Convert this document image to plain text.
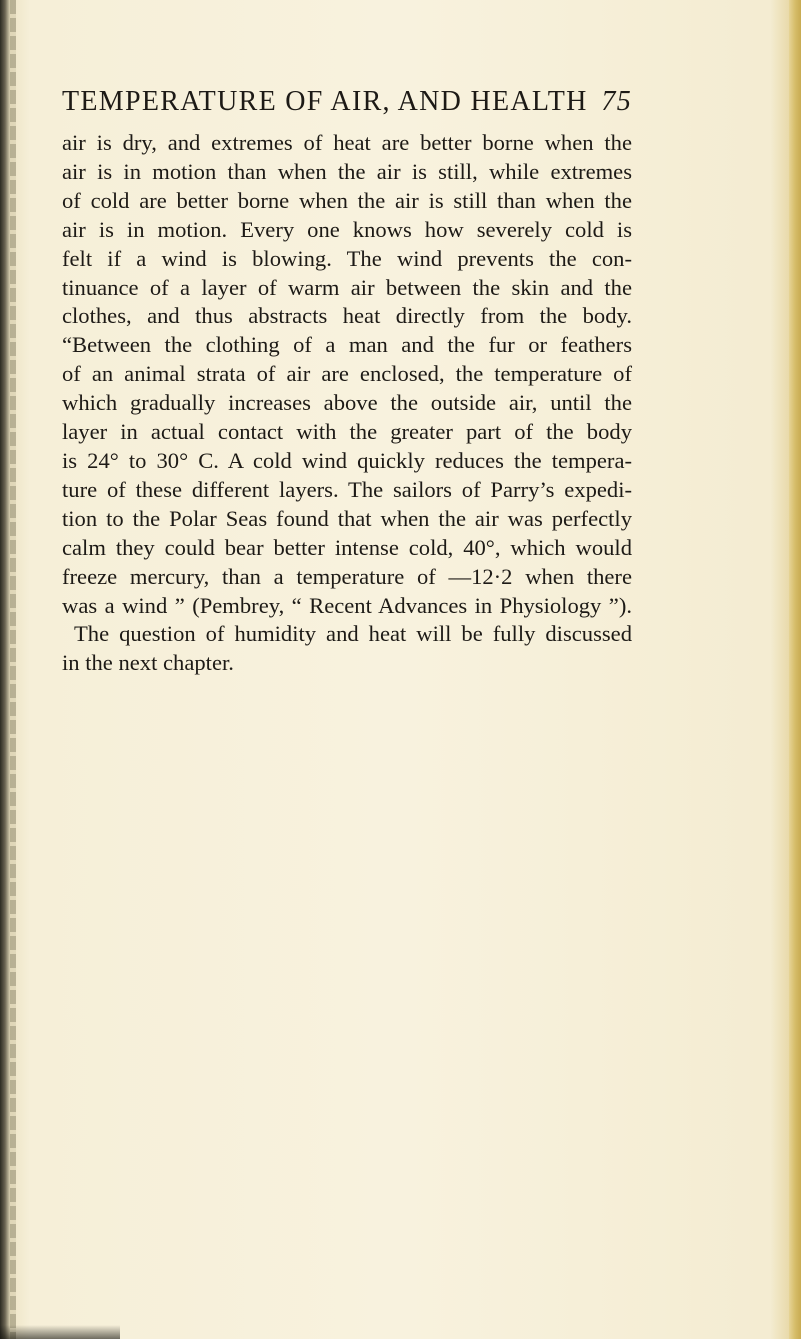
TEMPERATURE OF AIR, AND HEALTH 75
air is dry, and extremes of heat are better borne when the
air is in motion than when the air is still, while extremes
of cold are better borne when the air is still than when the
air is in motion. Every one knows how severely cold is
felt if a wind is blowing. The wind prevents the con-
tinuance of a layer of warm air between the skin and the
clothes, and thus abstracts heat directly from the body.
“Between the clothing of a man and the fur or feathers
of an animal strata of air are enclosed, the temperature of
which gradually increases above the outside air, until the
layer in actual contact with the greater part of the body
is 24° to 30° C. A cold wind quickly reduces the tempera-
ture of these different layers. The sailors of Parry’s expedi-
tion to the Polar Seas found that when the air was perfectly
calm they could bear better intense cold, 40°, which would
freeze mercury, than a temperature of —12·2 when there
was a wind ” (Pembrey, “ Recent Advances in Physiology ”).
The question of humidity and heat will be fully discussed
in the next chapter.
